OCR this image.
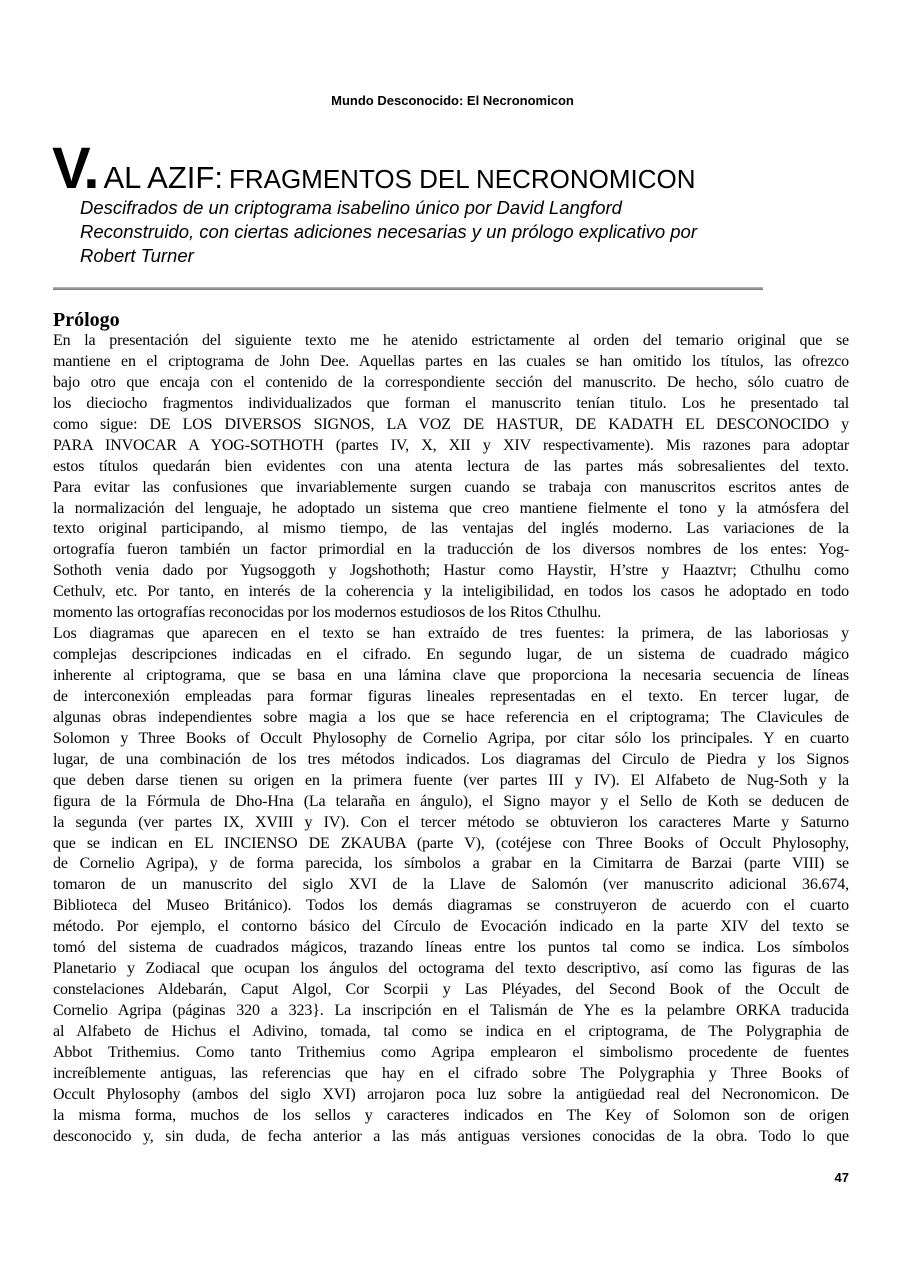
Mundo Desconocido: El Necronomicon
V. AL AZIF: FRAGMENTOS DEL NECRONOMICON
Descifrados de un criptograma isabelino único por David Langford
Reconstruido, con ciertas adiciones necesarias y un prólogo explicativo por
Robert Turner
Prólogo
En la presentación del siguiente texto me he atenido estrictamente al orden del temario original que se
mantiene en el criptograma de John Dee. Aquellas partes en las cuales se han omitido los títulos, las ofrezco
bajo otro que encaja con el contenido de la correspondiente sección del manuscrito. De hecho, sólo cuatro de
los dieciocho fragmentos individualizados que forman el manuscrito tenían titulo. Los he presentado tal
como sigue: DE LOS DIVERSOS SIGNOS, LA VOZ DE HASTUR, DE KADATH EL DESCONOCIDO y
PARA INVOCAR A YOG-SOTHOTH (partes IV, X, XII y XIV respectivamente). Mis razones para adoptar
estos títulos quedarán bien evidentes con una atenta lectura de las partes más sobresalientes del texto.
Para evitar las confusiones que invariablemente surgen cuando se trabaja con manuscritos escritos antes de
la normalización del lenguaje, he adoptado un sistema que creo mantiene fielmente el tono y la atmósfera del
texto original participando, al mismo tiempo, de las ventajas del inglés moderno. Las variaciones de la
ortografía fueron también un factor primordial en la traducción de los diversos nombres de los entes: Yog-
Sothoth venia dado por Yugsoggoth y Jogshothoth; Hastur como Haystir, H’stre y Haaztvr; Cthulhu como
Cethulv, etc. Por tanto, en interés de la coherencia y la inteligibilidad, en todos los casos he adoptado en todo
momento las ortografías reconocidas por los modernos estudiosos de los Ritos Cthulhu.
Los diagramas que aparecen en el texto se han extraído de tres fuentes: la primera, de las laboriosas y
complejas descripciones indicadas en el cifrado. En segundo lugar, de un sistema de cuadrado mágico
inherente al criptograma, que se basa en una lámina clave que proporciona la necesaria secuencia de líneas
de interconexión empleadas para formar figuras lineales representadas en el texto. En tercer lugar, de
algunas obras independientes sobre magia a los que se hace referencia en el criptograma; The Clavicules de
Solomon y Three Books of Occult Phylosophy de Cornelio Agripa, por citar sólo los principales. Y en cuarto
lugar, de una combinación de los tres métodos indicados. Los diagramas del Circulo de Piedra y los Signos
que deben darse tienen su origen en la primera fuente (ver partes III y IV). El Alfabeto de Nug-Soth y la
figura de la Fórmula de Dho-Hna (La telaraña en ángulo), el Signo mayor y el Sello de Koth se deducen de
la segunda (ver partes IX, XVIII y IV). Con el tercer método se obtuvieron los caracteres Marte y Saturno
que se indican en EL INCIENSO DE ZKAUBA (parte V), (cotéjese con Three Books of Occult Phylosophy,
de Cornelio Agripa), y de forma parecida, los símbolos a grabar en la Cimitarra de Barzai (parte VIII) se
tomaron de un manuscrito del siglo XVI de la Llave de Salomón (ver manuscrito adicional 36.674,
Biblioteca del Museo Británico). Todos los demás diagramas se construyeron de acuerdo con el cuarto
método. Por ejemplo, el contorno básico del Círculo de Evocación indicado en la parte XIV del texto se
tomó del sistema de cuadrados mágicos, trazando líneas entre los puntos tal como se indica. Los símbolos
Planetario y Zodiacal que ocupan los ángulos del octograma del texto descriptivo, así como las figuras de las
constelaciones Aldebarán, Caput Algol, Cor Scorpii y Las Pléyades, del Second Book of the Occult de
Cornelio Agripa (páginas 320 a 323}. La inscripción en el Talismán de Yhe es la pelambre ORKA traducida
al Alfabeto de Hichus el Adivino, tomada, tal como se indica en el criptograma, de The Polygraphia de
Abbot Trithemius. Como tanto Trithemius como Agripa emplearon el simbolismo procedente de fuentes
increíblemente antiguas, las referencias que hay en el cifrado sobre The Polygraphia y Three Books of
Occult Phylosophy (ambos del siglo XVI) arrojaron poca luz sobre la antigüedad real del Necronomicon. De
la misma forma, muchos de los sellos y caracteres indicados en The Key of Solomon son de origen
desconocido y, sin duda, de fecha anterior a las más antiguas versiones conocidas de la obra. Todo lo que
47
